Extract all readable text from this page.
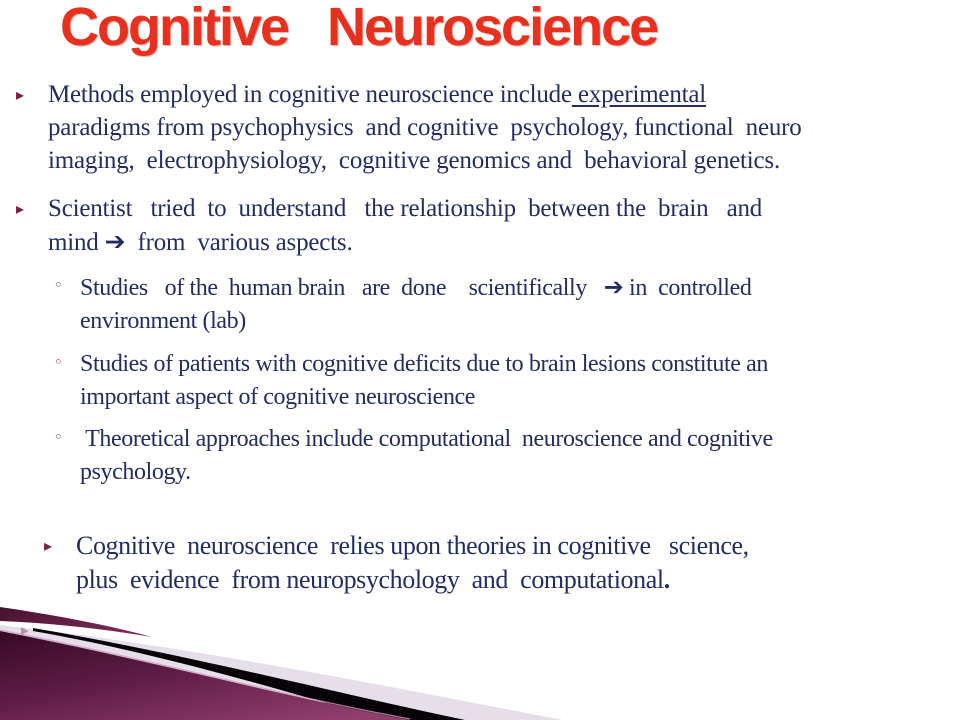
Cognitive   Neuroscience
▸ Methods employed in cognitive neuroscience include experimental
paradigms from psychophysics  and cognitive  psychology, functional  neuro
imaging,  electrophysiology,  cognitive genomics and  behavioral genetics.
▸ Scientist   tried  to  understand   the relationship  between the  brain   and
mind ➔  from  various aspects.
◦ Studies   of the  human brain   are  done    scientifically   ➔ in  controlled
environment (lab)
◦ Studies of patients with cognitive deficits due to brain lesions constitute an
important aspect of cognitive neuroscience
◦ Theoretical approaches include computational  neuroscience and cognitive
psychology.
▸ Cognitive  neuroscience  relies upon theories in cognitive   science,
plus  evidence  from neuropsychology  and  computational.
▸
